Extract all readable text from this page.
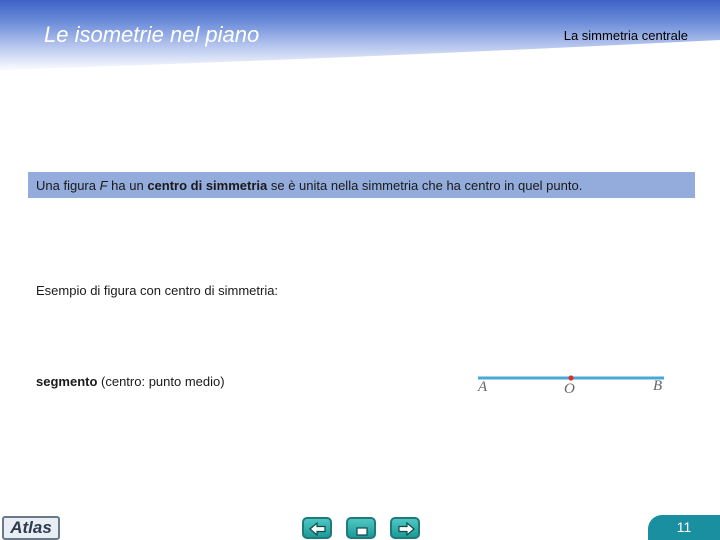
Le isometrie nel piano	La simmetria centrale
Una figura F ha un centro di simmetria se è unita nella simmetria che ha centro in quel punto.
Esempio di figura con centro di simmetria:
segmento (centro: punto medio)	A	O	B
Atlas	11
